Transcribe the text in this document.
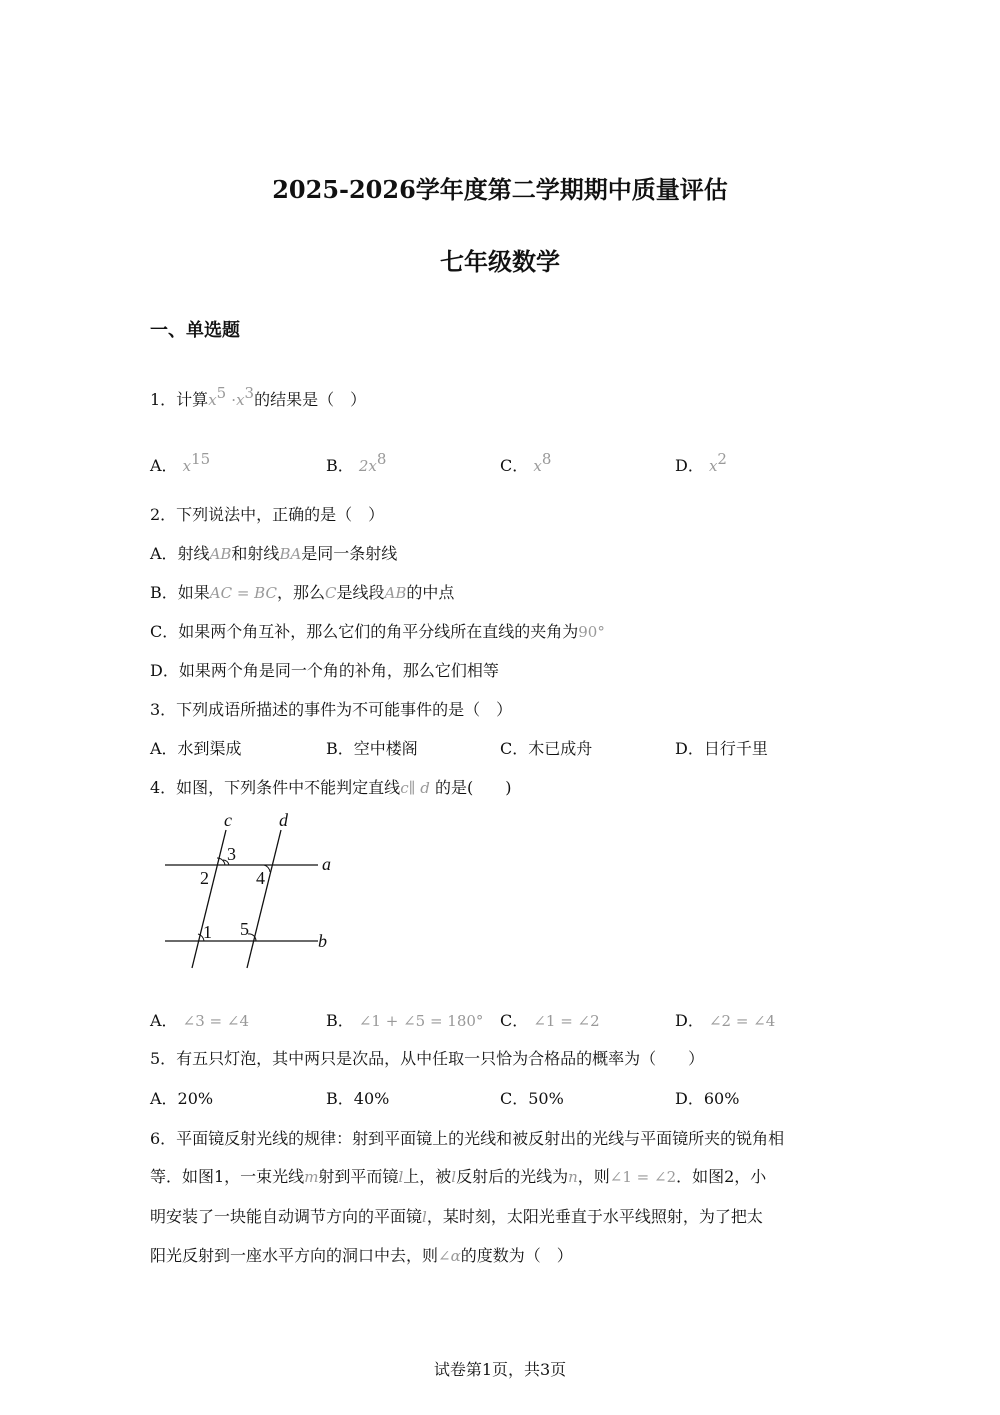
2025-2026学年度第二学期期中质量评估
七年级数学
一、单选题
1．计算$x^5 \cdot x^3$的结果是（　）
A． $x^{15}$	B． $2x^8$	C． $x^8$	D． $x^2$
2．下列说法中，正确的是（　）
A．射线AB和射线BA是同一条射线
B．如果AC = BC，那么C是线段AB的中点
C．如果两个角互补，那么它们的角平分线所在直线的夹角为90°
D．如果两个角是同一个角的补角，那么它们相等
3．下列成语所描述的事件为不可能事件的是（　）
A．水到渠成	B．空中楼阁	C．木已成舟	D．日行千里
4．如图，下列条件中不能判定直线c∥ d 的是(　　)
c	d
a
b
2
3
4
1 5
A． ∠3 = ∠4	B． ∠1 + ∠5 = 180° C． ∠1 = ∠2	D． ∠2 = ∠4
5．有五只灯泡，其中两只是次品，从中任取一只恰为合格品的概率为（　　）
A．20%	B．40%	C．50%	D．60%
6．平面镜反射光线的规律：射到平面镜上的光线和被反射出的光线与平面镜所夹的锐角相
等．如图1，一束光线m射到平而镜l上，被l反射后的光线为n，则∠1 = ∠2．如图2，小
明安装了一块能自动调节方向的平面镜l，某时刻，太阳光垂直于水平线照射，为了把太
阳光反射到一座水平方向的洞口中去，则∠α的度数为（　）
试卷第1页，共3页
